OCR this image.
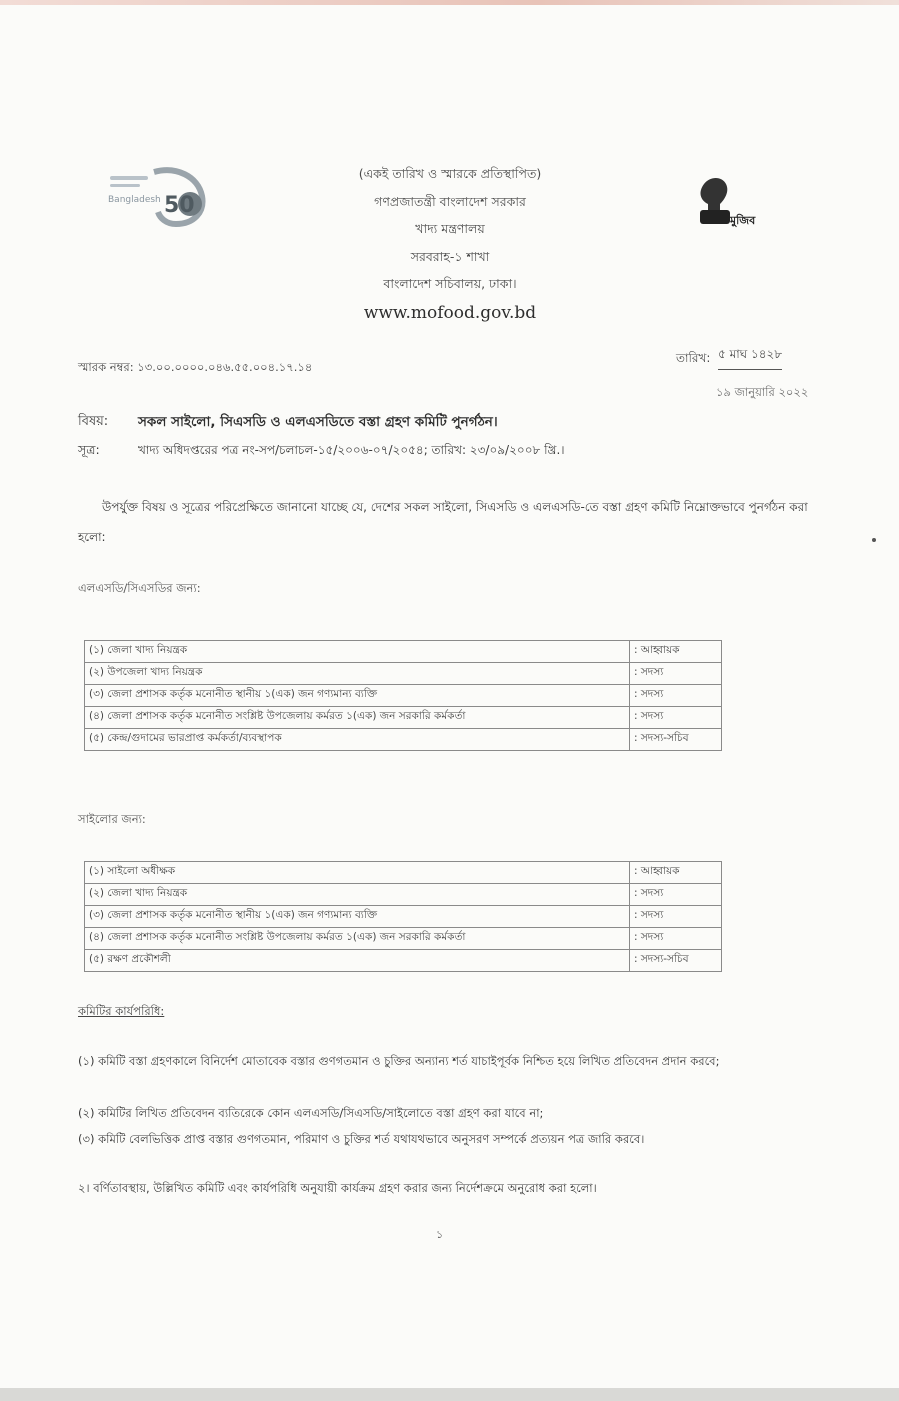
Bangladesh 50
মুজিব
(একই তারিখ ও স্মারকে প্রতিস্থাপিত)
গণপ্রজাতন্ত্রী বাংলাদেশ সরকার
খাদ্য মন্ত্রণালয়
সরবরাহ-১ শাখা
বাংলাদেশ সচিবালয়, ঢাকা।
www.mofood.gov.bd
স্মারক নম্বর: ১৩.০০.০০০০.০৪৬.৫৫.০০৪.১৭.১৪
তারিখ: ৫ মাঘ ১৪২৮
১৯ জানুয়ারি ২০২২
বিষয়: সকল সাইলো, সিএসডি ও এলএসডিতে বস্তা গ্রহণ কমিটি পুনর্গঠন।
সূত্র:	খাদ্য অধিদপ্তরের পত্র নং-সপ/চলাচল-১৫/২০০৬-০৭/২০৫৪; তারিখ: ২৩/০৯/২০০৮ খ্রি.।
উপর্যুক্ত বিষয় ও সূত্রের পরিপ্রেক্ষিতে জানানো যাচ্ছে যে, দেশের সকল সাইলো, সিএসডি ও এলএসডি-তে বস্তা গ্রহণ কমিটি নিম্নোক্তভাবে পুনর্গঠন করা হলো:
এলএসডি/সিএসডির জন্য:
(১) জেলা খাদ্য নিয়ন্ত্রক	: আহ্বায়ক
(২) উপজেলা খাদ্য নিয়ন্ত্রক	: সদস্য
(৩) জেলা প্রশাসক কর্তৃক মনোনীত স্থানীয় ১(এক) জন গণ্যমান্য ব্যক্তি	: সদস্য
(৪) জেলা প্রশাসক কর্তৃক মনোনীত সংশ্লিষ্ট উপজেলায় কর্মরত ১(এক) জন সরকারি কর্মকর্তা	: সদস্য
(৫) কেন্দ্র/গুদামের ভারপ্রাপ্ত কর্মকর্তা/ব্যবস্থাপক	: সদস্য-সচিব
সাইলোর জন্য:
(১) সাইলো অধীক্ষক	: আহ্বায়ক
(২) জেলা খাদ্য নিয়ন্ত্রক	: সদস্য
(৩) জেলা প্রশাসক কর্তৃক মনোনীত স্থানীয় ১(এক) জন গণ্যমান্য ব্যক্তি	: সদস্য
(৪) জেলা প্রশাসক কর্তৃক মনোনীত সংশ্লিষ্ট উপজেলায় কর্মরত ১(এক) জন সরকারি কর্মকর্তা	: সদস্য
(৫) রক্ষণ প্রকৌশলী	: সদস্য-সচিব
কমিটির কার্যপরিধি:
(১) কমিটি বস্তা গ্রহণকালে বিনির্দেশ মোতাবেক বস্তার গুণগতমান ও চুক্তির অন্যান্য শর্ত যাচাইপূর্বক নিশ্চিত হয়ে লিখিত প্রতিবেদন প্রদান করবে;
(২) কমিটির লিখিত প্রতিবেদন ব্যতিরেকে কোন এলএসডি/সিএসডি/সাইলোতে বস্তা গ্রহণ করা যাবে না;
(৩) কমিটি বেলভিত্তিক প্রাপ্ত বস্তার গুণগতমান, পরিমাণ ও চুক্তির শর্ত যথাযথভাবে অনুসরণ সম্পর্কে প্রত্যয়ন পত্র জারি করবে।
২। বর্ণিতাবস্থায়, উল্লিখিত কমিটি এবং কার্যপরিধি অনুযায়ী কার্যক্রম গ্রহণ করার জন্য নির্দেশক্রমে অনুরোধ করা হলো।
১
